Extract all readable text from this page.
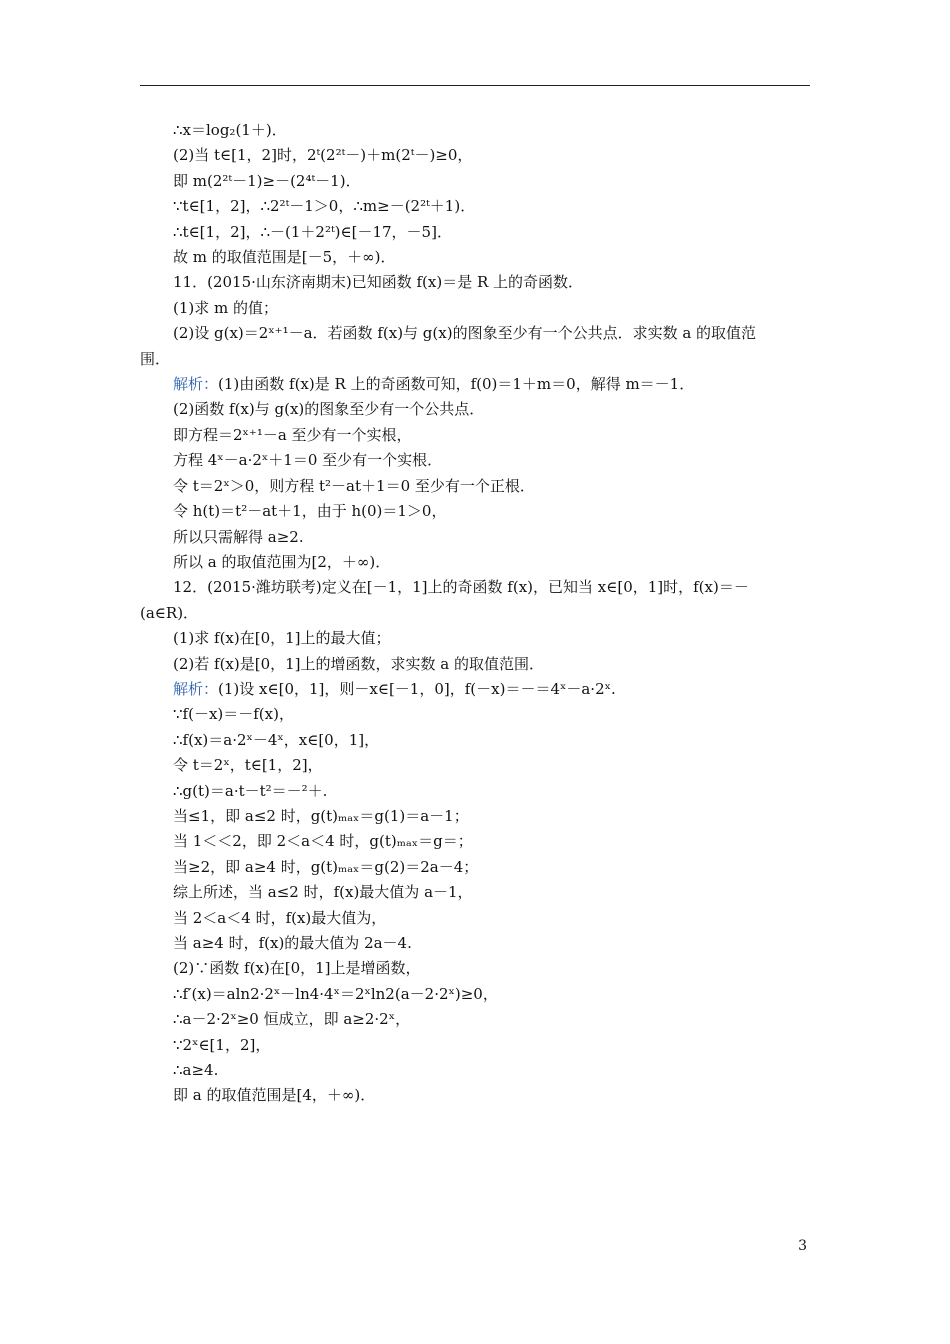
∴x＝log₂(1＋)．
(2)当 t∈[1，2]时，2ᵗ(2²ᵗ－)＋m(2ᵗ－)≥0，
即 m(2²ᵗ－1)≥－(2⁴ᵗ－1)．
∵t∈[1，2]，∴2²ᵗ－1＞0，∴m≥－(2²ᵗ＋1)．
∴t∈[1，2]，∴－(1＋2²ᵗ)∈[－17，－5]．
故 m 的取值范围是[－5，＋∞)．
11．(2015·山东济南期末)已知函数 f(x)＝是 R 上的奇函数．
(1)求 m 的值；
(2)设 g(x)＝2ˣ⁺¹－a．若函数 f(x)与 g(x)的图象至少有一个公共点．求实数 a 的取值范
围．
解析：(1)由函数 f(x)是 R 上的奇函数可知，f(0)＝1＋m＝0，解得 m＝－1．
(2)函数 f(x)与 g(x)的图象至少有一个公共点．
即方程＝2ˣ⁺¹－a 至少有一个实根，
方程 4ˣ－a·2ˣ＋1＝0 至少有一个实根．
令 t＝2ˣ＞0，则方程 t²－at＋1＝0 至少有一个正根．
令 h(t)＝t²－at＋1，由于 h(0)＝1＞0，
所以只需解得 a≥2.
所以 a 的取值范围为[2，＋∞)．
12．(2015·潍坊联考)定义在[－1，1]上的奇函数 f(x)，已知当 x∈[0，1]时，f(x)＝－
(a∈R)．
(1)求 f(x)在[0，1]上的最大值；
(2)若 f(x)是[0，1]上的增函数，求实数 a 的取值范围．
解析：(1)设 x∈[0，1]，则－x∈[－1，0]，f(－x)＝－＝4ˣ－a·2ˣ.
∵f(－x)＝－f(x)，
∴f(x)＝a·2ˣ－4ˣ，x∈[0，1]，
令 t＝2ˣ，t∈[1，2]，
∴g(t)＝a·t－t²＝－²＋.
当≤1，即 a≤2 时，g(t)ₘₐₓ＝g(1)＝a－1；
当 1＜＜2，即 2＜a＜4 时，g(t)ₘₐₓ＝g＝；
当≥2，即 a≥4 时，g(t)ₘₐₓ＝g(2)＝2a－4；
综上所述，当 a≤2 时，f(x)最大值为 a－1，
当 2＜a＜4 时，f(x)最大值为，
当 a≥4 时，f(x)的最大值为 2a－4.
(2)∵函数 f(x)在[0，1]上是增函数，
∴f′(x)＝aln2·2ˣ－ln4·4ˣ＝2ˣln2(a－2·2ˣ)≥0，
∴a－2·2ˣ≥0 恒成立，即 a≥2·2ˣ，
∵2ˣ∈[1，2]，
∴a≥4.
即 a 的取值范围是[4，＋∞)．
3
